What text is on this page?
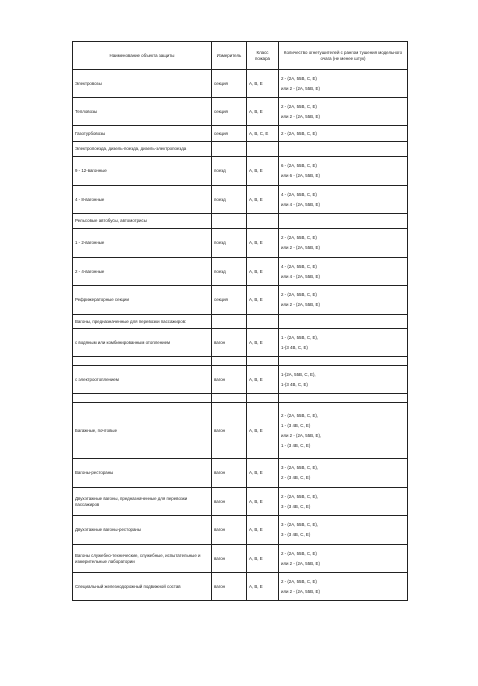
Наименование объекта защиты	Измеритель	Класс пожара	Количество огнетушителей с рангом тушения модельного очага (не менее штук)
Электровозы	секция	А, В, Е	2 - (2А, 55В, С, Е)
или 2 - (2А, 55В, Е)

Тепловозы	секция	А, В, Е	2 - (2А, 55В, С, Е)
или 2 - (2А, 55В, Е)

Газотурбовозы	секция	А, В, С, Е	2 - (2А, 55В, С, Е)

Электропоезда, дизель-поезда, дизель-электропоезда			
9 - 12-вагонные	поезд	А, В, Е	6 - (2А, 55В, С, Е)
или 6 - (2А, 55В, Е)

4 - 8-вагонные	поезд	А, В, Е	4 - (2А, 55В, С, Е)
или 4 - (2А, 55В, Е)

Рельсовые автобусы, автомотрисы			
1 - 2-вагонные	поезд	А, В, Е	2 - (2А, 55В, С, Е)
или 2 - (2А, 55В, Е)

2 - 4-вагонные	поезд	А, В, Е	4 - (2А, 55В, С, Е)
или 4 - (2А, 55В, Е)

Рефрижераторные секции	секция	А, В, Е	2 - (2А, 55В, С, Е)
или 2 - (2А, 55В, Е)

Вагоны, предназначенные для перевозки пассажиров:			
с водяным или комбинированным отоплением	вагон	А, В, Е	1 - (2А, 55В, С, Е),
1-(3 4В, С, Е)

с электроотоплением	вагон	А, В, Е	1-(2А, 55В, С, Е),
1-(3 4В, С, Е)

Багажные, почтовые	вагон	А, В, Е	2 - (2А, 55В, С, Е),
1 - (3 4В, С, Е)
или 2 - (2А, 55В, Е),
1 - (3 4В, С, Е)

Вагоны-рестораны	вагон	А, В, Е	3 - (2А, 55В, С, Е),
2 - (3 4В, С, Е)

Двухэтажные вагоны, предназначенные для перевозки пассажиров	вагон	А, В, Е	2 - (2А, 55В, С, Е),
3 - (3 4В, С, Е)

Двухэтажные вагоны-рестораны	вагон	А, В, Е	3 - (2А, 55В, С, Е),
3 - (3 4В, С, Е)

Вагоны служебно-технические, служебные, испытательные и измерительные лаборатории	вагон	А, В, Е	2 - (2А, 55В, С, Е)
или 2 - (2А, 55В, Е)

Специальный железнодорожный подвижной состав	вагон	А, В, Е	2 - (2А, 55В, С, Е)
или 2 - (2А, 55В, Е)
